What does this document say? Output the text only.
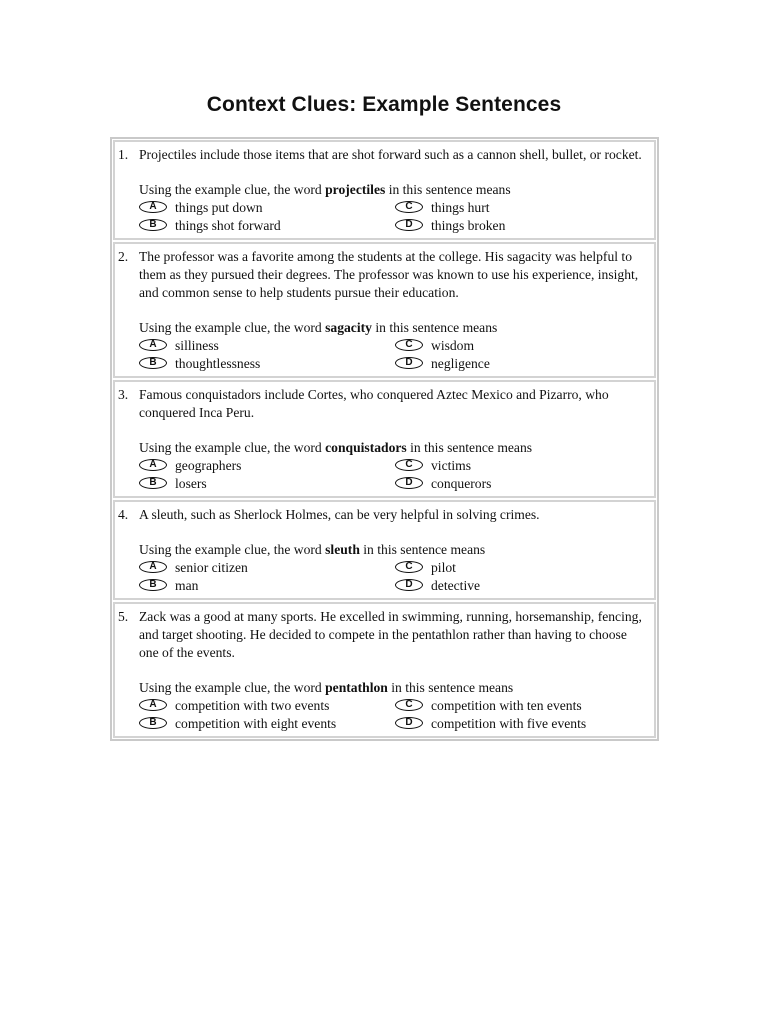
Context Clues: Example Sentences
1. Projectiles include those items that are shot forward such as a cannon shell, bullet, or rocket.
Using the example clue, the word projectiles in this sentence means
A	things put down	C	things hurt
B	things shot forward	D	things broken
2. The professor was a favorite among the students at the college. His sagacity was helpful to them as they pursued their degrees. The professor was known to use his experience, insight, and common sense to help students pursue their education.
Using the example clue, the word sagacity in this sentence means
A	silliness	C	wisdom
B	thoughtlessness	D	negligence
3. Famous conquistadors include Cortes, who conquered Aztec Mexico and Pizarro, who conquered Inca Peru.
Using the example clue, the word conquistadors in this sentence means
A	geographers	C	victims
B	losers	D	conquerors
4. A sleuth, such as Sherlock Holmes, can be very helpful in solving crimes.
Using the example clue, the word sleuth in this sentence means
A	senior citizen	C	pilot
B	man	D	detective
5. Zack was a good at many sports. He excelled in swimming, running, horsemanship, fencing, and target shooting. He decided to compete in the pentathlon rather than having to choose one of the events.
Using the example clue, the word pentathlon in this sentence means
A	competition with two events	C	competition with ten events
B	competition with eight events	D	competition with five events
